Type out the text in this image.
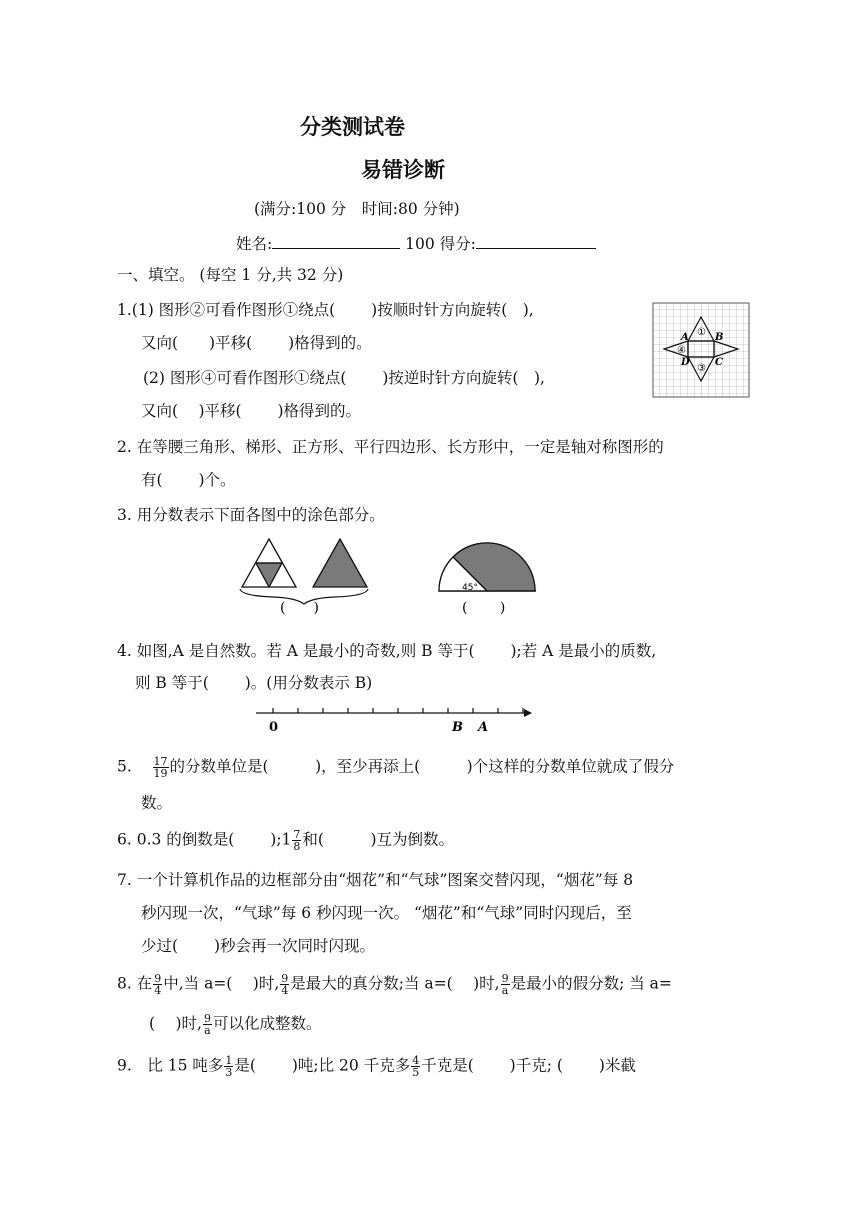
分类测试卷
易错诊断
(满分:100 分　时间:80 分钟)
姓名:	100 得分:
一、填空。 (每空 1 分,共 32 分)
1.(1) 图形②可看作图形①绕点(　　 )按顺时针方向旋转(　),
又向(　　)平移(　　 )格得到的。
(2) 图形④可看作图形①绕点(　　 )按逆时针方向旋转(　),
又向(　 )平移(　　 )格得到的。
①
③
④
A	B
C
D
2. 在等腰三角形、梯形、正方形、平行四边形、长方形中，一定是轴对称图形的
有(　　 )个。
3. 用分数表示下面各图中的涂色部分。
45°
(　　)	(　　 )
4. 如图,A 是自然数。若 A 是最小的奇数,则 B 等于(　　 );若 A 是最小的质数,
则 B 等于(　　 )。(用分数表示 B)
0	B A
5. $\frac{17}{19}$ 的分数单位是(　　　)，至少再添上(　　　)个这样的分数单位就成了假分
数。
6. 0.3 的倒数是(　　 );1 $\frac{7}{8}$ 和(　　　)互为倒数。
7. 一个计算机作品的边框部分由“烟花”和“气球”图案交替闪现，“烟花”每 8
秒闪现一次，“气球”每 6 秒闪现一次。 “烟花”和“气球”同时闪现后，至
少过(　　 )秒会再一次同时闪现。
8. 在 $\frac{9}{4}$ 中,当 a=(　 )时, $\frac{9}{4}$ 是最大的真分数;当 a=(　 )时, $\frac{9}{a}$ 是最小的假分数; 当 a=
(　 )时, $\frac{9}{a}$ 可以化成整数。
9.　比 15 吨多 $\frac{1}{3}$ 是(　　 )吨;比 20 千克多 $\frac{4}{5}$ 千克是(　　 )千克; (　　 )米截
